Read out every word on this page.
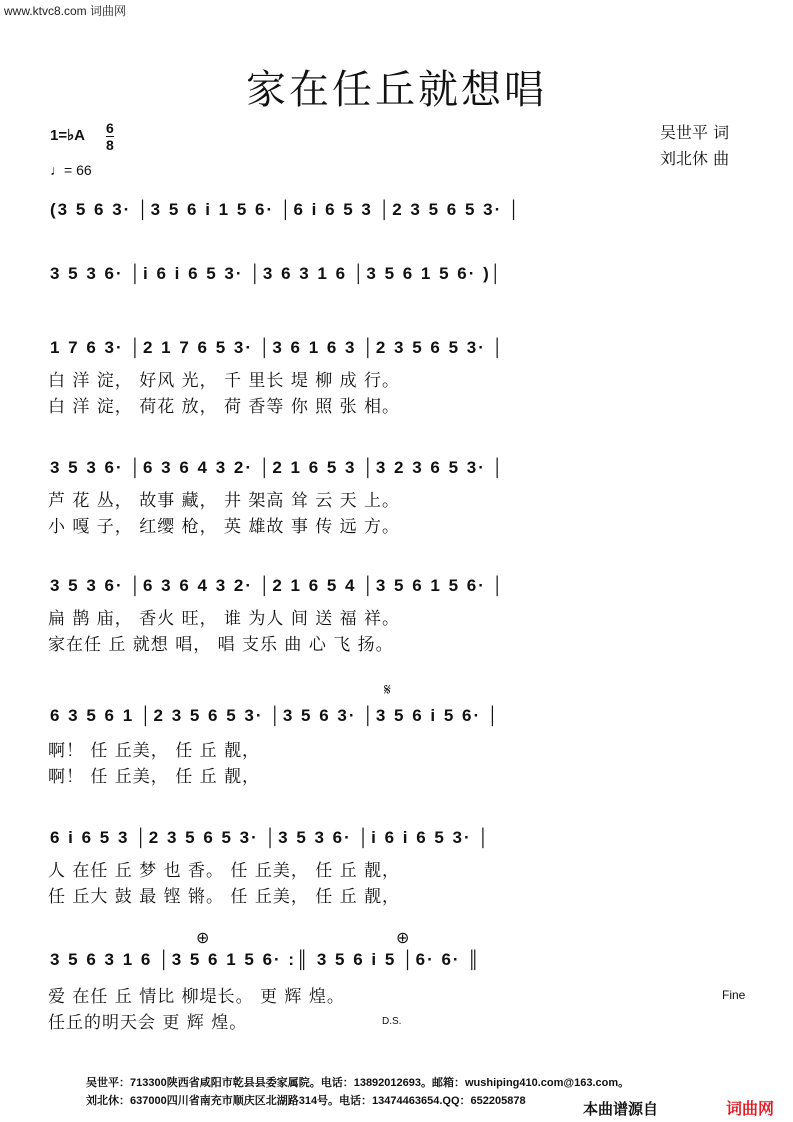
www.ktvc8.com 词曲网
家在任丘就想唱
1=♭A 6
8
♩= 66
吴世平 词
刘北休 曲
(3 5 6 3· │3 5 6 i 1 5 6· │6 i 6 5 3 │2 3 5 6 5 3· │
3 5 3 6· │i 6 i 6 5 3· │3 6 3 1 6 │3 5 6 1 5 6· )│
1 7 6 3· │2 1 7 6 5 3· │3 6 1 6 3 │2 3 5 6 5 3· │
白 洋 淀， 好风 光， 千 里长 堤 柳 成 行。
白 洋 淀， 荷花 放， 荷 香等 你 照 张 相。
3 5 3 6· │6 3 6 4 3 2· │2 1 6 5 3 │3 2 3 6 5 3· │
芦 花 丛， 故事 藏， 井 架高 耸 云 天 上。
小 嘎 子， 红缨 枪， 英 雄故 事 传 远 方。
3 5 3 6· │6 3 6 4 3 2· │2 1 6 5 4 │3 5 6 1 5 6· │
扁 鹊 庙， 香火 旺， 谁 为人 间 送 福 祥。
家在任 丘 就想 唱， 唱 支乐 曲 心 飞 扬。
𝄋
6 3 5 6 1 │2 3 5 6 5 3· │3 5 6 3· │3 5 6 i 5 6· │
啊！ 任 丘美， 任 丘 靓，
啊！ 任 丘美， 任 丘 靓，
6 i 6 5 3 │2 3 5 6 5 3· │3 5 3 6· │i 6 i 6 5 3· │
人 在任 丘 梦 也 香。 任 丘美， 任 丘 靓，
任 丘大 鼓 最 铿 锵。 任 丘美， 任 丘 靓，
⊕	⊕
3 5 6 3 1 6 │3 5 6 1 5 6· :║ 3 5 6 i 5 │6· 6· ║
爱 在任 丘 情比 柳堤长。 更 辉 煌。
任丘的明天会 更 辉 煌。	D.S.
Fine
吴世平：713300陕西省咸阳市乾县县委家属院。电话：13892012693。邮箱：wushiping410.com@163.com。
刘北休：637000四川省南充市顺庆区北湖路314号。电话：13474463654.QQ：652205878	本曲谱源自	词曲网
